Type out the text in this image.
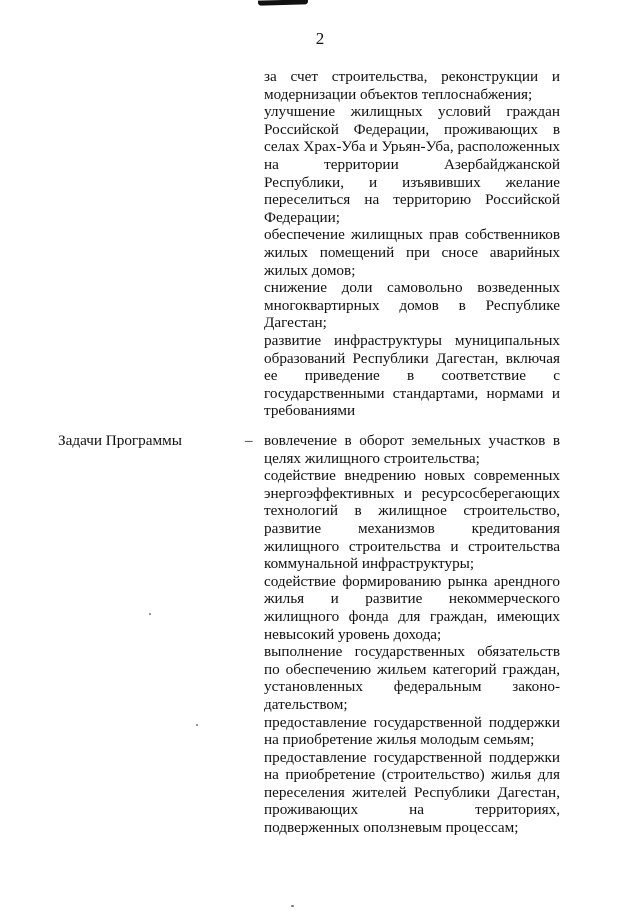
2
за счет строительства, реконструкции и модернизации объектов теплоснабжения;
улучшение жилищных условий граждан Российской Федерации, проживающих в селах Храх-Уба и Урьян-Уба, расположенных на территории Азербайджанской Республики, и изъявивших желание переселиться на территорию Российской Федерации;
обеспечение жилищных прав собственников жилых помещений при сносе аварийных жилых домов;
снижение доли самовольно возведенных многоквартирных домов в Республике Дагестан;
развитие инфраструктуры муниципальных образований Республики Дагестан, включая ее приведение в соответствие с государственными стандартами, нормами и требованиями
Задачи Программы	– вовлечение в оборот земельных участков в целях жилищного строительства;
содействие внедрению новых современных энергоэффективных и ресурсосберегающих технологий в жилищное строительство, развитие механизмов кредитования жилищного строительства и строительства коммунальной инфраструктуры;
содействие формированию рынка арендного жилья и развитие некоммерческого жилищного фонда для граждан, имеющих невысокий уровень дохода;
выполнение государственных обязательств по обеспечению жильем категорий граждан, установленных федеральным законо-дательством;
предоставление государственной поддержки на приобретение жилья молодым семьям;
предоставление государственной поддержки на приобретение (строительство) жилья для переселения жителей Республики Дагестан, проживающих на территориях, подверженных оползневым процессам;
